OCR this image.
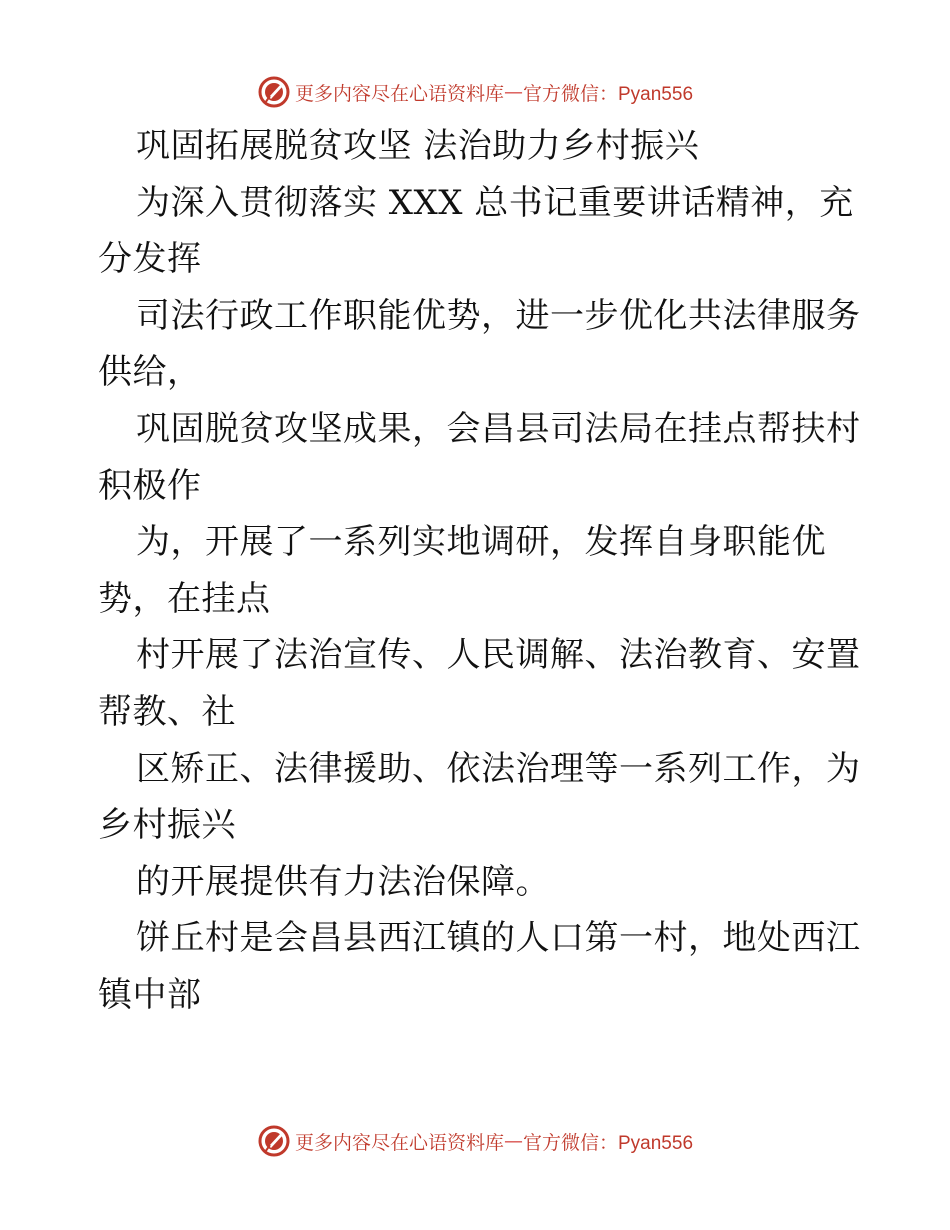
更多内容尽在心语资料库 — 官方微信：Pyan556
巩固拓展脱贫攻坚 法治助力乡村振兴
为深入贯彻落实 XXX 总书记重要讲话精神，充
分发挥
司法行政工作职能优势，进一步优化共法律服务
供给，
巩固脱贫攻坚成果，会昌县司法局在挂点帮扶村
积极作
为，开展了一系列实地调研，发挥自身职能优
势，在挂点
村开展了法治宣传、人民调解、法治教育、安置
帮教、社
区矫正、法律援助、依法治理等一系列工作，为
乡村振兴
的开展提供有力法治保障。
饼丘村是会昌县西江镇的人口第一村，地处西江
镇中部
更多内容尽在心语资料库 — 官方微信：Pyan556
